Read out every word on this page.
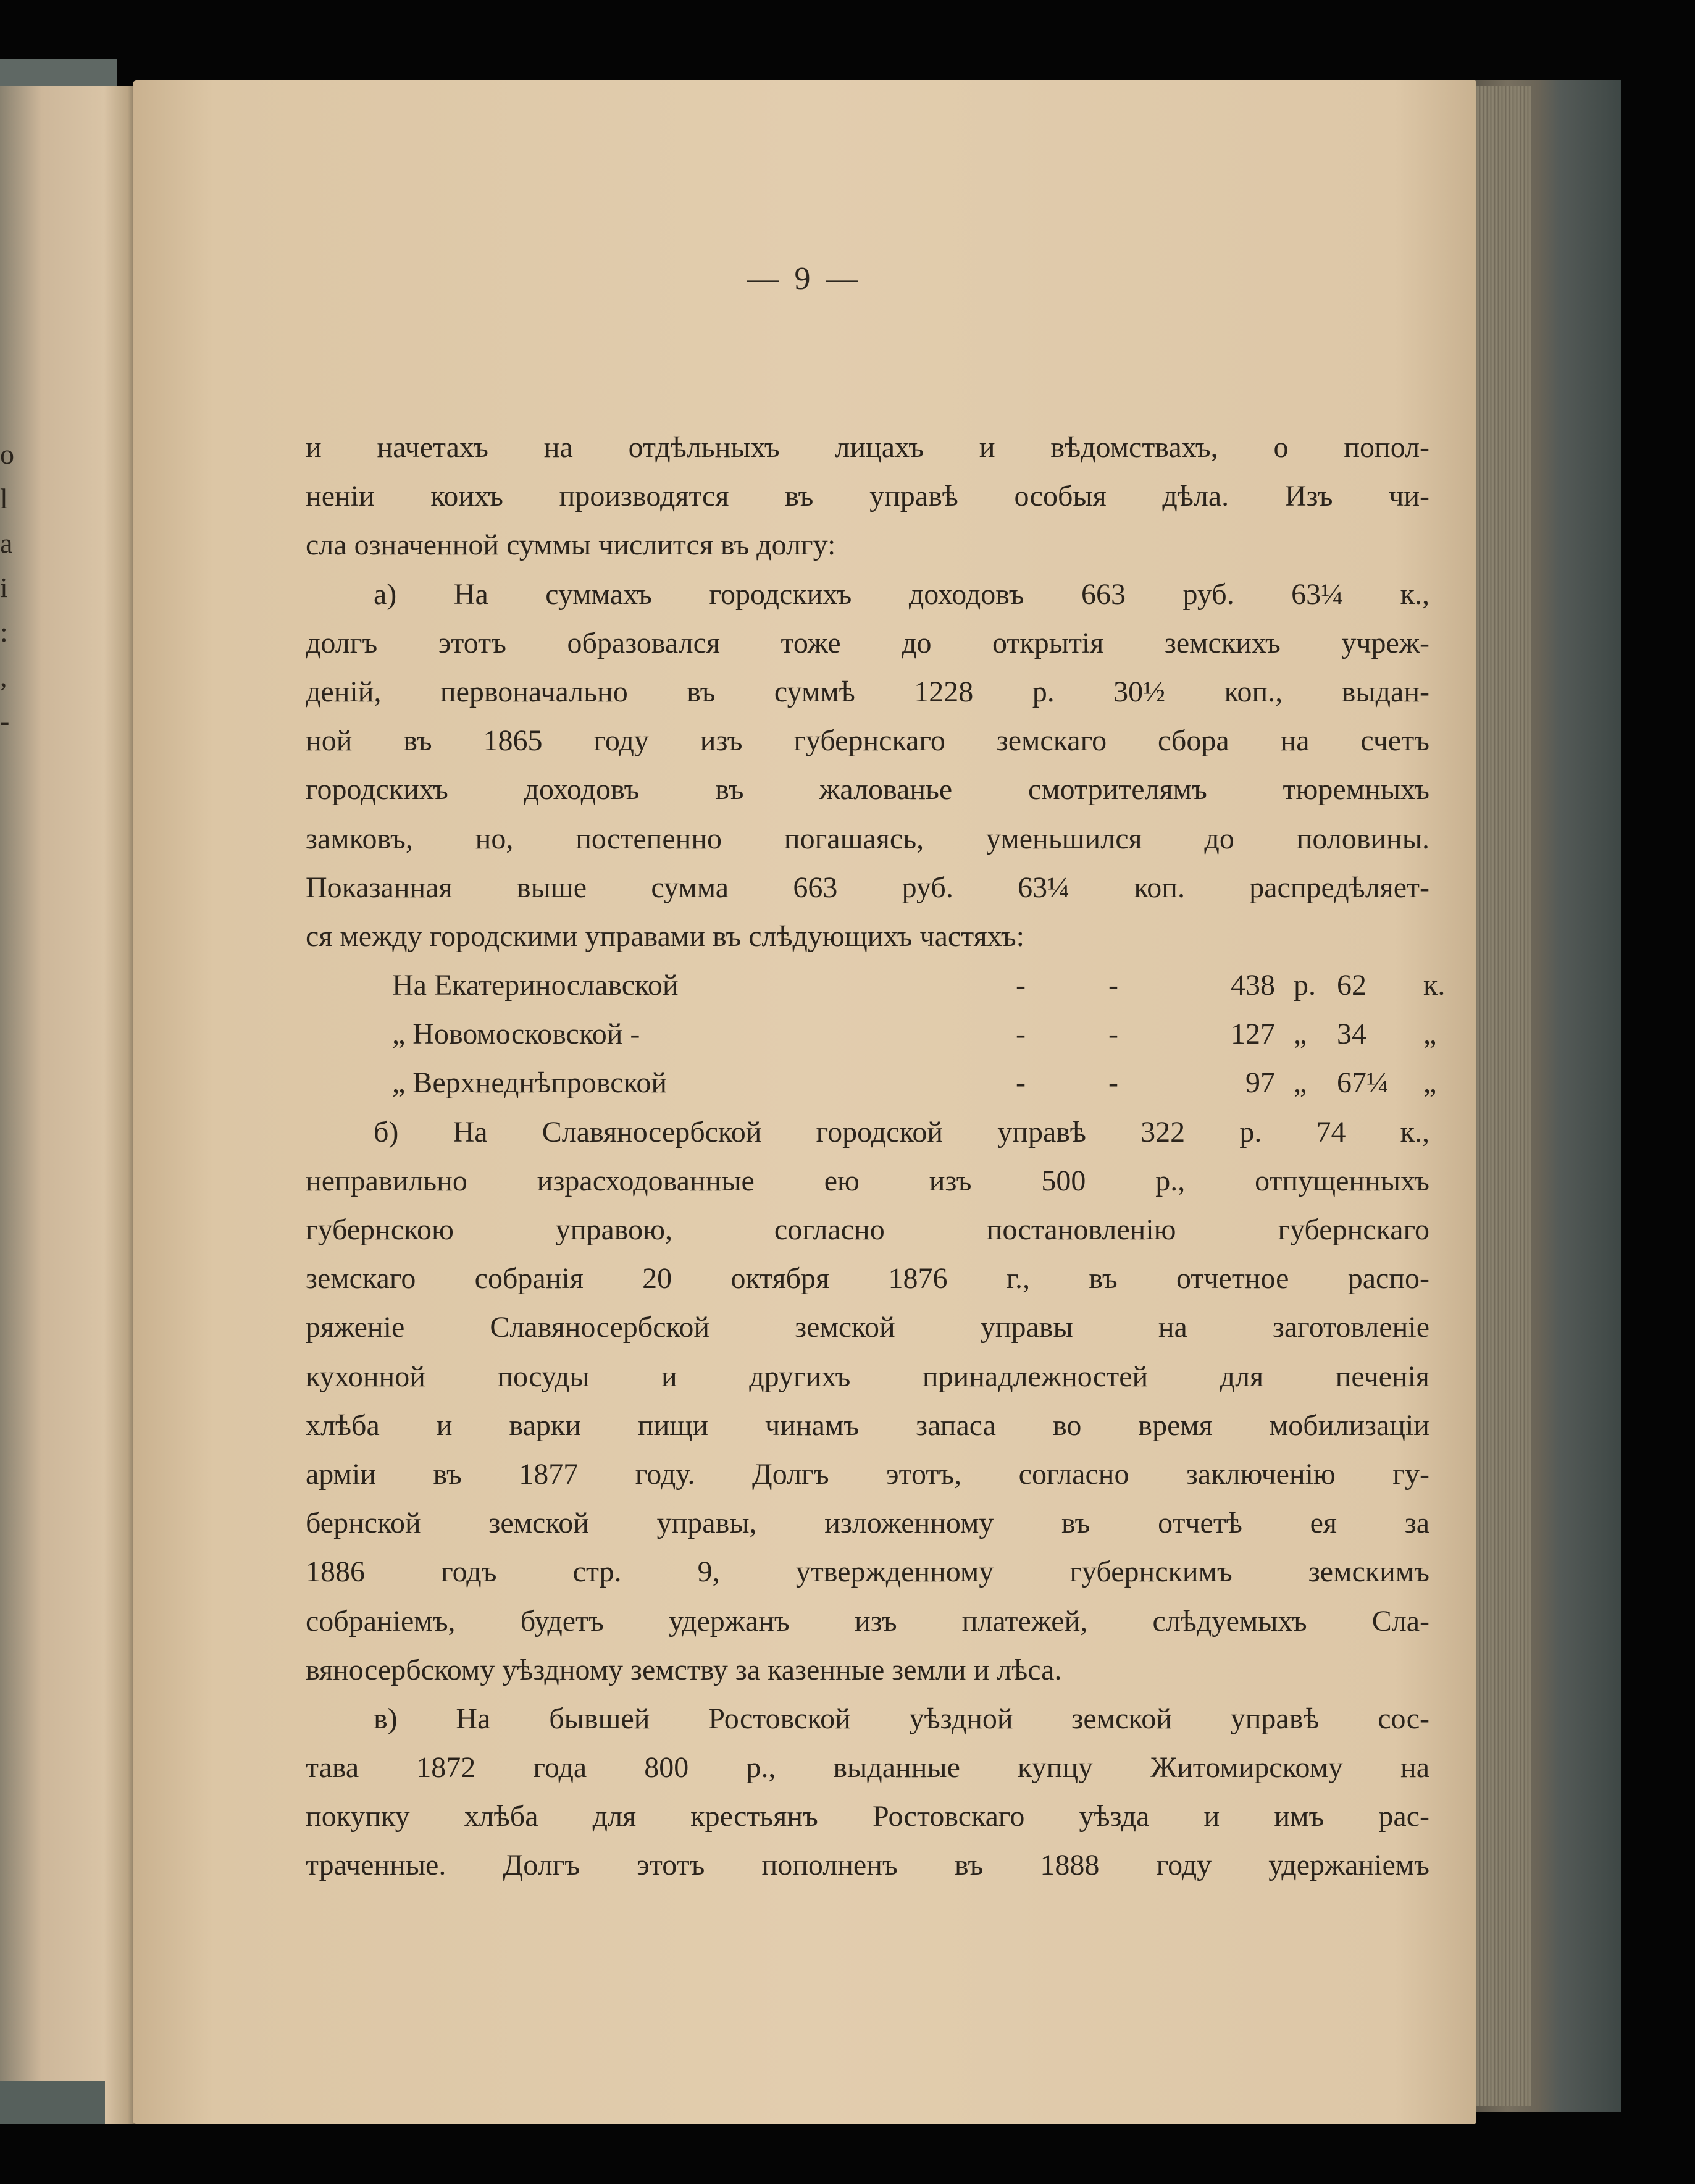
о
l
а
i
:
,
-
— 9 —
и начетахъ на отдѣльныхъ лицахъ и вѣдомствахъ, о попол-
неніи коихъ производятся въ управѣ особыя дѣла. Изъ чи-
сла означенной суммы числится въ долгу:
а) На суммахъ городскихъ доходовъ 663 руб. 63¼ к.,
долгъ этотъ образовался тоже до открытія земскихъ учреж-
деній, первоначально въ суммѣ 1228 р. 30½ коп., выдан-
ной въ 1865 году изъ губернскаго земскаго сбора на счетъ
городскихъ доходовъ въ жалованье смотрителямъ тюремныхъ
замковъ, но, постепенно погашаясь, уменьшился до половины.
Показанная выше сумма 663 руб. 63¼ коп. распредѣляет-
ся между городскими управами въ слѣдующихъ частяхъ:
На Екатеринославской	-	-	438 р. 62	к.
„ Новомосковской -	-	-	127 „ 34	„
„ Верхнеднѣпровской	-	-	97 „ 67¼	„
б) На Славяносербской городской управѣ 322 р. 74 к.,
неправильно израсходованные ею изъ 500 р., отпущенныхъ
губернскою управою, согласно постановленію губернскаго
земскаго собранія 20 октября 1876 г., въ отчетное распо-
ряженіе Славяносербской земской управы на заготовленіе
кухонной посуды и другихъ принадлежностей для печенія
хлѣба и варки пищи чинамъ запаса во время мобилизаціи
арміи въ 1877 году. Долгъ этотъ, согласно заключенію гу-
бернской земской управы, изложенному въ отчетѣ ея за
1886 годъ стр. 9, утвержденному губернскимъ земскимъ
собраніемъ, будетъ удержанъ изъ платежей, слѣдуемыхъ Сла-
вяносербскому уѣздному земству за казенные земли и лѣса.
в) На бывшей Ростовской уѣздной земской управѣ сос-
тава 1872 года 800 р., выданные купцу Житомирскому на
покупку хлѣба для крестьянъ Ростовскаго уѣзда и имъ рас-
траченные. Долгъ этотъ пополненъ въ 1888 году удержаніемъ
